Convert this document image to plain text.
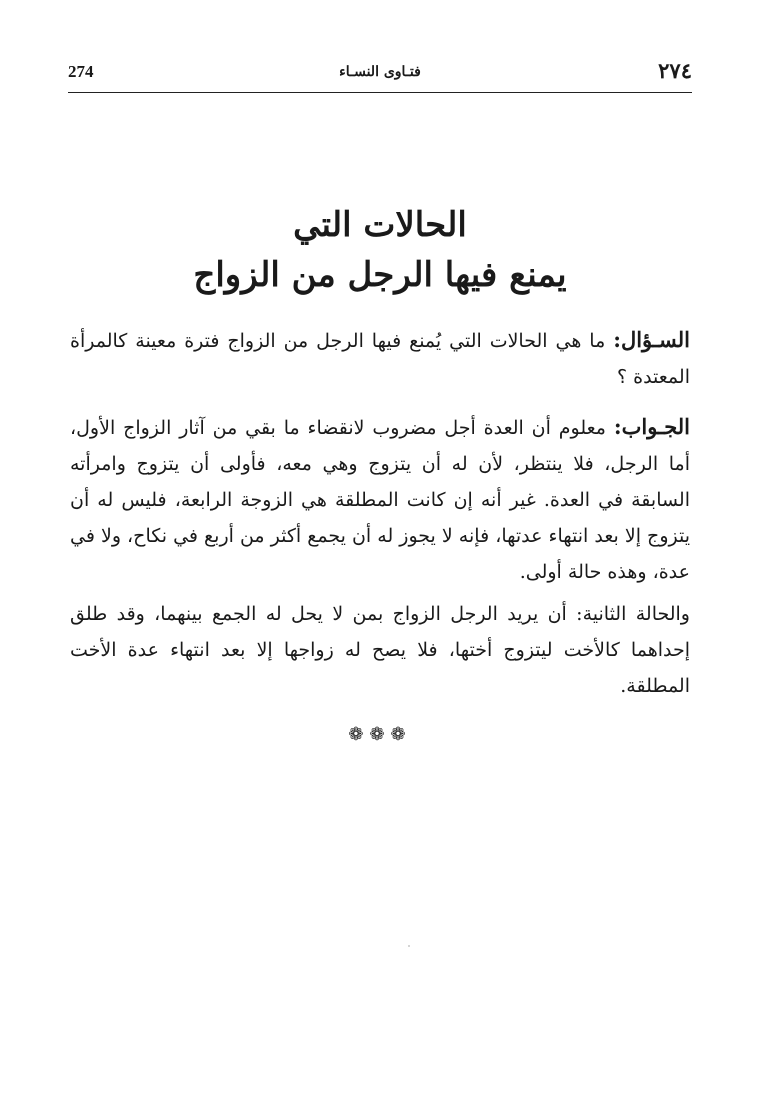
274	فتـاوى النسـاء	٢٧٤
الحالات التي
يمنع فيها الرجل من الزواج

السـؤال: ما هي الحالات التي يُمنع فيها الرجل من الزواج فترة معينة كالمرأة المعتدة ؟

الجـواب: معلوم أن العدة أجل مضروب لانقضاء ما بقي من آثار الزواج الأول، أما الرجل، فلا ينتظر، لأن له أن يتزوج وهي معه، فأولى أن يتزوج وامرأته السابقة في العدة. غير أنه إن كانت المطلقة هي الزوجة الرابعة، فليس له أن يتزوج إلا بعد انتهاء عدتها، فإنه لا يجوز له أن يجمع أكثر من أربع في نكاح، ولا في عدة، وهذه حالة أولى.

والحالة الثانية: أن يريد الرجل الزواج بمن لا يحل له الجمع بينهما، وقد طلق إحداهما كالأخت ليتزوج أختها، فلا يصح له زواجها إلا بعد انتهاء عدة الأخت المطلقة.

❁❁❁
